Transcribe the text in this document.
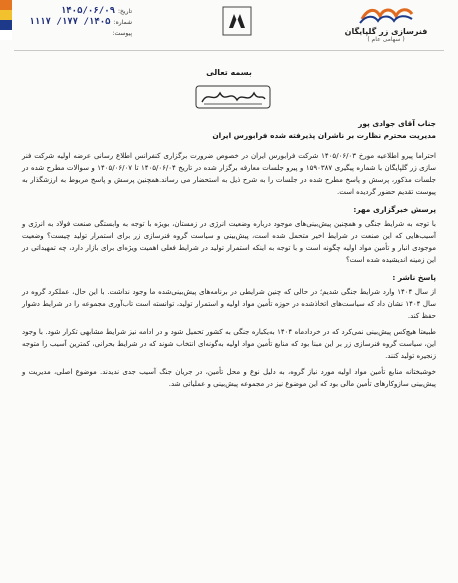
تاریخ:
۱۴۰۵/۰۶/۰۹
شماره:
۱۴۰۵/ ۱۷۷/ ۱۱۱۷
پیوست:	فنرسازی زر گلپایگان
( سهامی عام )
بسمه تعالی
جناب آقای جوادی پور
مدیریت محترم نظارت بر ناشران پذیرفته شده فرابورس ایران

احتراما پیرو اطلاعیه مورخ ۱۴۰۵/۰۶/۰۳ شرکت فرابورس ایران در خصوص ضرورت برگزاری کنفرانس اطلاع رسانی عرضه اولیه شرکت فنر سازی زر گلپایگان با شماره پیگیری ۱۵۹۰۳۸۷ و پیرو جلسات معارفه برگزار شده در تاریخ ۱۴۰۵/۰۶/۰۴ تا ۱۴۰۵/۰۶/۰۷ و سوالات مطرح شده در جلسات مذکور، پرسش و پاسخ مطرح شده در جلسات را به شرح ذیل به استحضار می رساند.همچنین پرسش و پاسخ مربوط به ارزشگذار به پیوست تقدیم حضور گردیده است.

پرسش خبرگزاری مهر:

با توجه به شرایط جنگی و همچنین پیش‌بینی‌های موجود درباره وضعیت انرژی در زمستان، بویژه با توجه به وابستگی صنعت فولاد به انرژی و آسیب‌هایی که این صنعت در شرایط اخیر متحمل شده است، پیش‌بینی و سیاست گروه فنرسازی زر برای استمرار تولید چیست؟ وضعیت موجودی انبار و تأمین مواد اولیه چگونه است و با توجه به اینکه استمرار تولید در شرایط فعلی اهمیت ویژه‌ای برای بازار دارد، چه تمهیداتی در این زمینه اندیشیده شده است؟

پاسخ ناشر :

از سال ۱۴۰۴ وارد شرایط جنگی شدیم؛ در حالی که چنین شرایطی در برنامه‌های پیش‌بینی‌شده ما وجود نداشت. با این حال، عملکرد گروه در سال ۱۴۰۴ نشان داد که سیاست‌های اتخاذشده در حوزه تأمین مواد اولیه و استمرار تولید، توانسته است تاب‌آوری مجموعه را در شرایط دشوار حفظ کند.

طبیعتا هیچ‌کس پیش‌بینی نمی‌کرد که در خردادماه ۱۴۰۴ به‌یکباره جنگی به کشور تحمیل شود و در ادامه نیز شرایط مشابهی تکرار شود. با وجود این، سیاست گروه فنرسازی زر بر این مبنا بود که منابع تأمین مواد اولیه به‌گونه‌ای انتخاب شوند که در شرایط بحرانی، کمترین آسیب را متوجه زنجیره تولید کنند.

خوشبختانه منابع تأمین مواد اولیه مورد نیاز گروه، به دلیل نوع و محل تأمین، در جریان جنگ آسیب جدی ندیدند. موضوع اصلی، مدیریت و پیش‌بینی سازوکارهای تأمین مالی بود که این موضوع نیز در مجموعه پیش‌بینی و عملیاتی شد.
